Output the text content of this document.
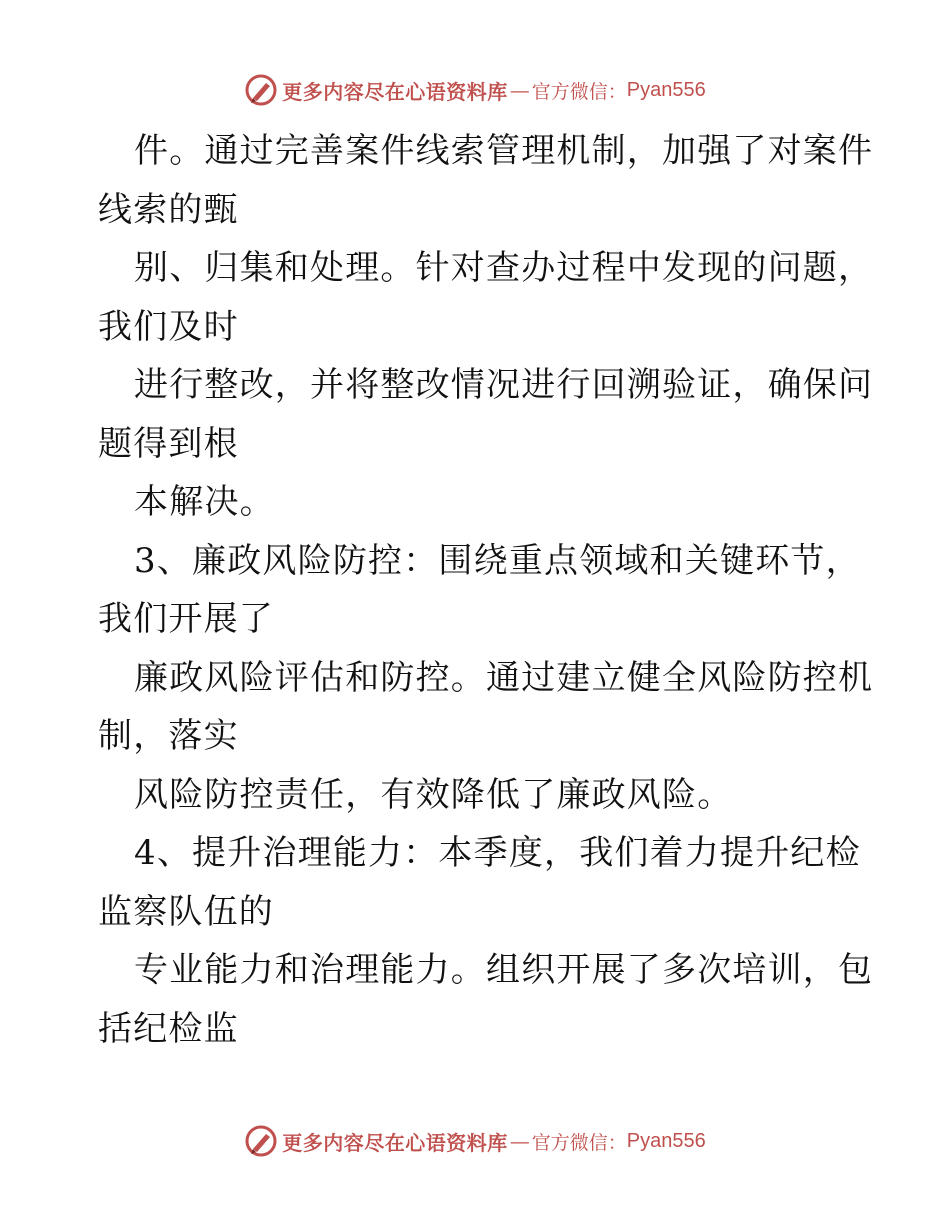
更多内容尽在心语资料库 — 官方微信： Pyan556
件。通过完善案件线索管理机制，加强了对案件
线索的甄
别、归集和处理。针对查办过程中发现的问题，
我们及时
进行整改，并将整改情况进行回溯验证，确保问
题得到根
本解决。
3、廉政风险防控：围绕重点领域和关键环节，
我们开展了
廉政风险评估和防控。通过建立健全风险防控机
制，落实
风险防控责任，有效降低了廉政风险。
4、提升治理能力：本季度，我们着力提升纪检
监察队伍的
专业能力和治理能力。组织开展了多次培训，包
括纪检监
更多内容尽在心语资料库 — 官方微信： Pyan556
